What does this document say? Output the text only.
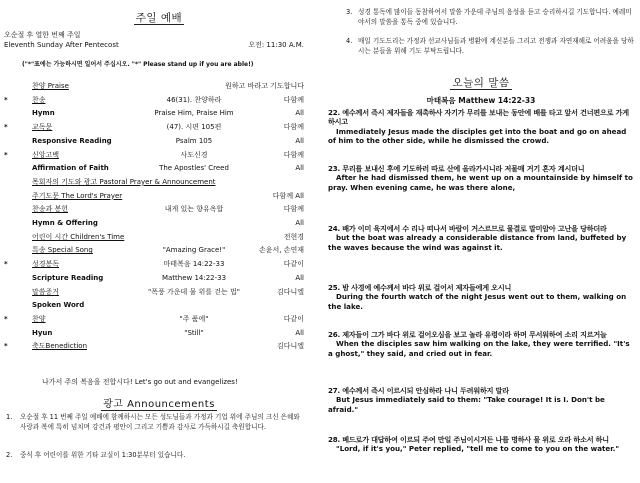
주일 예배
오순절 후 열한 번째 주일
Eleventh Sunday After Pentecost	오전: 11:30 A.M.
("*"표에는 가능하시면 일어서 주십시오. "*" Please stand up if you are able!)
찬양 Praise	원하고 바라고 기도합니다
*	찬송	46(31). 찬양하라	다함께
Hymn	Praise Him, Praise Him	All
*	교독문	(47). 시편 105편	다함께
Responsive Reading	Psalm 105	All
*	신앙고백	사도신경	다함께
Affirmation of Faith	The Apostles' Creed	All
목회자의 기도와 광고 Pastoral Prayer & Announcement
주기도문 The Lord's Prayer	다함께 All
찬송과 봉헌	내게 있는 향유옥합	다함께
Hymn & Offering	All
어린이 시간 Children's Time	전현경
특송 Special Song	"Amazing Grace!"	손윤서, 손연재
*	성경봉독	마태복음 14:22-33	다같이
Scripture Reading	Matthew 14:22-33	All
말씀증거	"폭풍 가운데 물 위를 걷는 법"	김다니엘
Spoken Word
*	찬양	"주 품에"	다같이
Hyun	"Still"	All
*	축도Benediction	김다니엘
나가서 주의 복음을 전합시다! Let's go out and evangelizes!
광고 Announcements
1. 오순절 후 11 번째 주일 예배에 함께하시는 모든 성도님들과 가정과 기업 위에 주님의 크신 은혜와 사랑과 복에 특히 넘치며 강건과 평안이 그리고 기쁨과 감사로 가득하시길 축원합니다.
2. 중식 후 어린이를 위한 기타 교실이 1:30분부터 있습니다.
3. 성경 통독에 많이들 동참하여서 말씀 가운데 주님의 음성을 듣고 승리하시길 기도합니다. 예레미야서의 말씀을 통독 중에 있습니다.
4. 매일 기도드리는 가정과 선교사님들과 병환에 계신분들 그리고 전쟁과 자연재해로 어려움을 당하시는 분들을 위해 기도 부탁드립니다.
오늘의 말씀
마태복음 Matthew 14:22-33
22. 예수께서 즉시 제자들을 재촉하사 자기가 무리를 보내는 동안에 배를 타고 앞서 건너편으로 가게 하시고
Immediately Jesus made the disciples get into the boat and go on ahead of him to the other side, while he dismissed the crowd.
23. 무리를 보내신 후에 기도하러 따로 산에 올라가시니라 저물매 거기 혼자 계시더니
After he had dismissed them, he went up on a mountainside by himself to pray. When evening came, he was there alone,
24. 배가 이미 육지에서 수 리나 떠나서 바람이 거스르므로 물결로 말미암아 고난을 당하더라
but the boat was already a considerable distance from land, buffeted by the waves because the wind was against it.
25. 밤 사경에 예수께서 바다 위로 걸어서 제자들에게 오시니
During the fourth watch of the night Jesus went out to them, walking on the lake.
26. 제자들이 그가 바다 위로 걸어오심을 보고 놀라 유령이라 하며 무서워하여 소리 지르거늘
When the disciples saw him walking on the lake, they were terrified. "It's a ghost," they said, and cried out in fear.
27. 예수께서 즉시 이르시되 안심하라 나니 두려워하지 말라
But Jesus immediately said to them: "Take courage! It is I. Don't be afraid."
28. 베드로가 대답하여 이르되 주여 만일 주님이시거든 나를 명하사 물 위로 오라 하소서 하니
"Lord, if it's you," Peter replied, "tell me to come to you on the water."
